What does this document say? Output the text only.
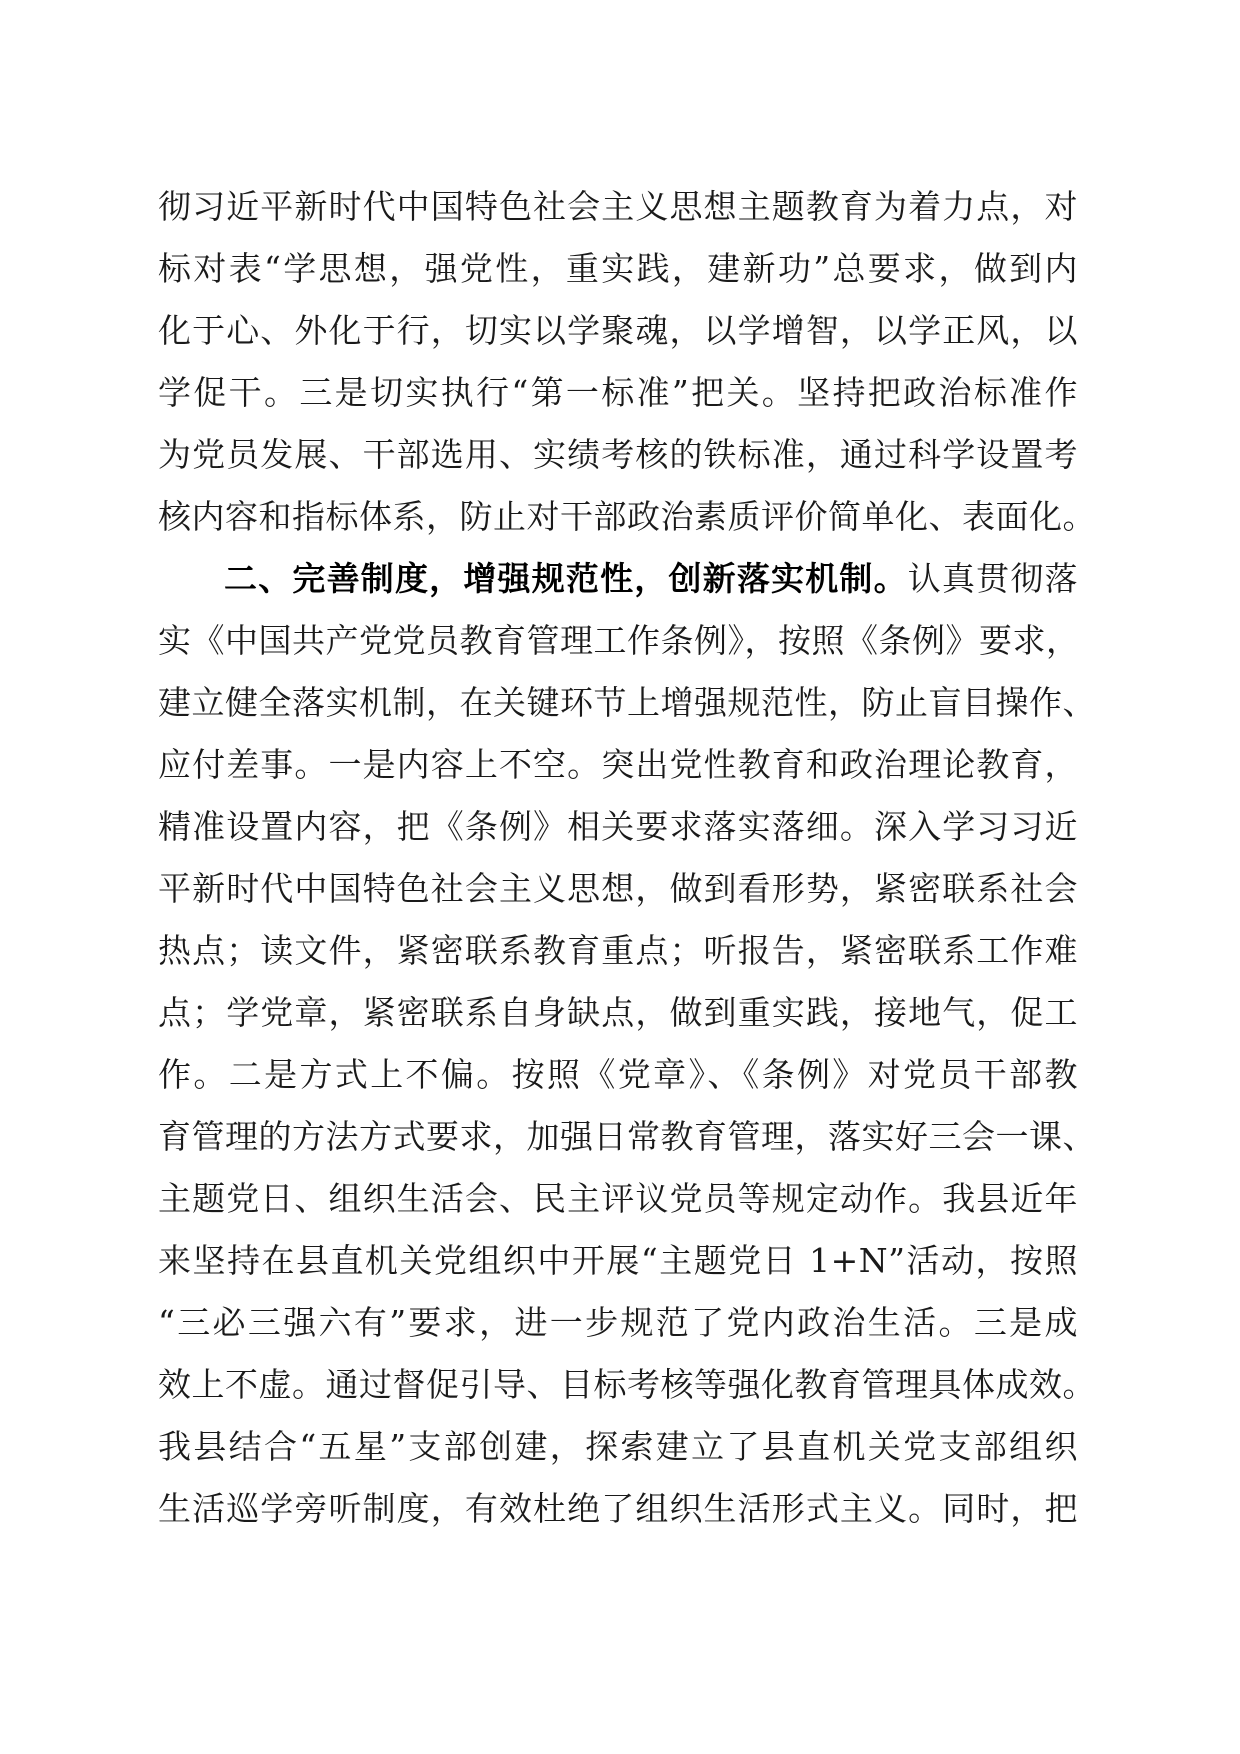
彻习近平新时代中国特色社会主义思想主题教育为着力点，对
标对表“学思想，强党性，重实践，建新功”总要求，做到内
化于心、外化于行，切实以学聚魂，以学增智，以学正风，以
学促干。三是切实执行“第一标准”把关。坚持把政治标准作
为党员发展、干部选用、实绩考核的铁标准，通过科学设置考
核内容和指标体系，防止对干部政治素质评价简单化、表面化。
二、完善制度，增强规范性，创新落实机制。认真贯彻落
实《中国共产党党员教育管理工作条例》，按照《条例》要求，
建立健全落实机制，在关键环节上增强规范性，防止盲目操作、
应付差事。一是内容上不空。突出党性教育和政治理论教育，
精准设置内容，把《条例》相关要求落实落细。深入学习习近
平新时代中国特色社会主义思想，做到看形势，紧密联系社会
热点；读文件，紧密联系教育重点；听报告，紧密联系工作难
点；学党章，紧密联系自身缺点，做到重实践，接地气，促工
作。二是方式上不偏。按照《党章》、《条例》对党员干部教
育管理的方法方式要求，加强日常教育管理，落实好三会一课、
主题党日、组织生活会、民主评议党员等规定动作。我县近年
来坚持在县直机关党组织中开展“主题党日 1+N”活动，按照
“三必三强六有”要求，进一步规范了党内政治生活。三是成
效上不虚。通过督促引导、目标考核等强化教育管理具体成效。
我县结合“五星”支部创建，探索建立了县直机关党支部组织
生活巡学旁听制度，有效杜绝了组织生活形式主义。同时，把
